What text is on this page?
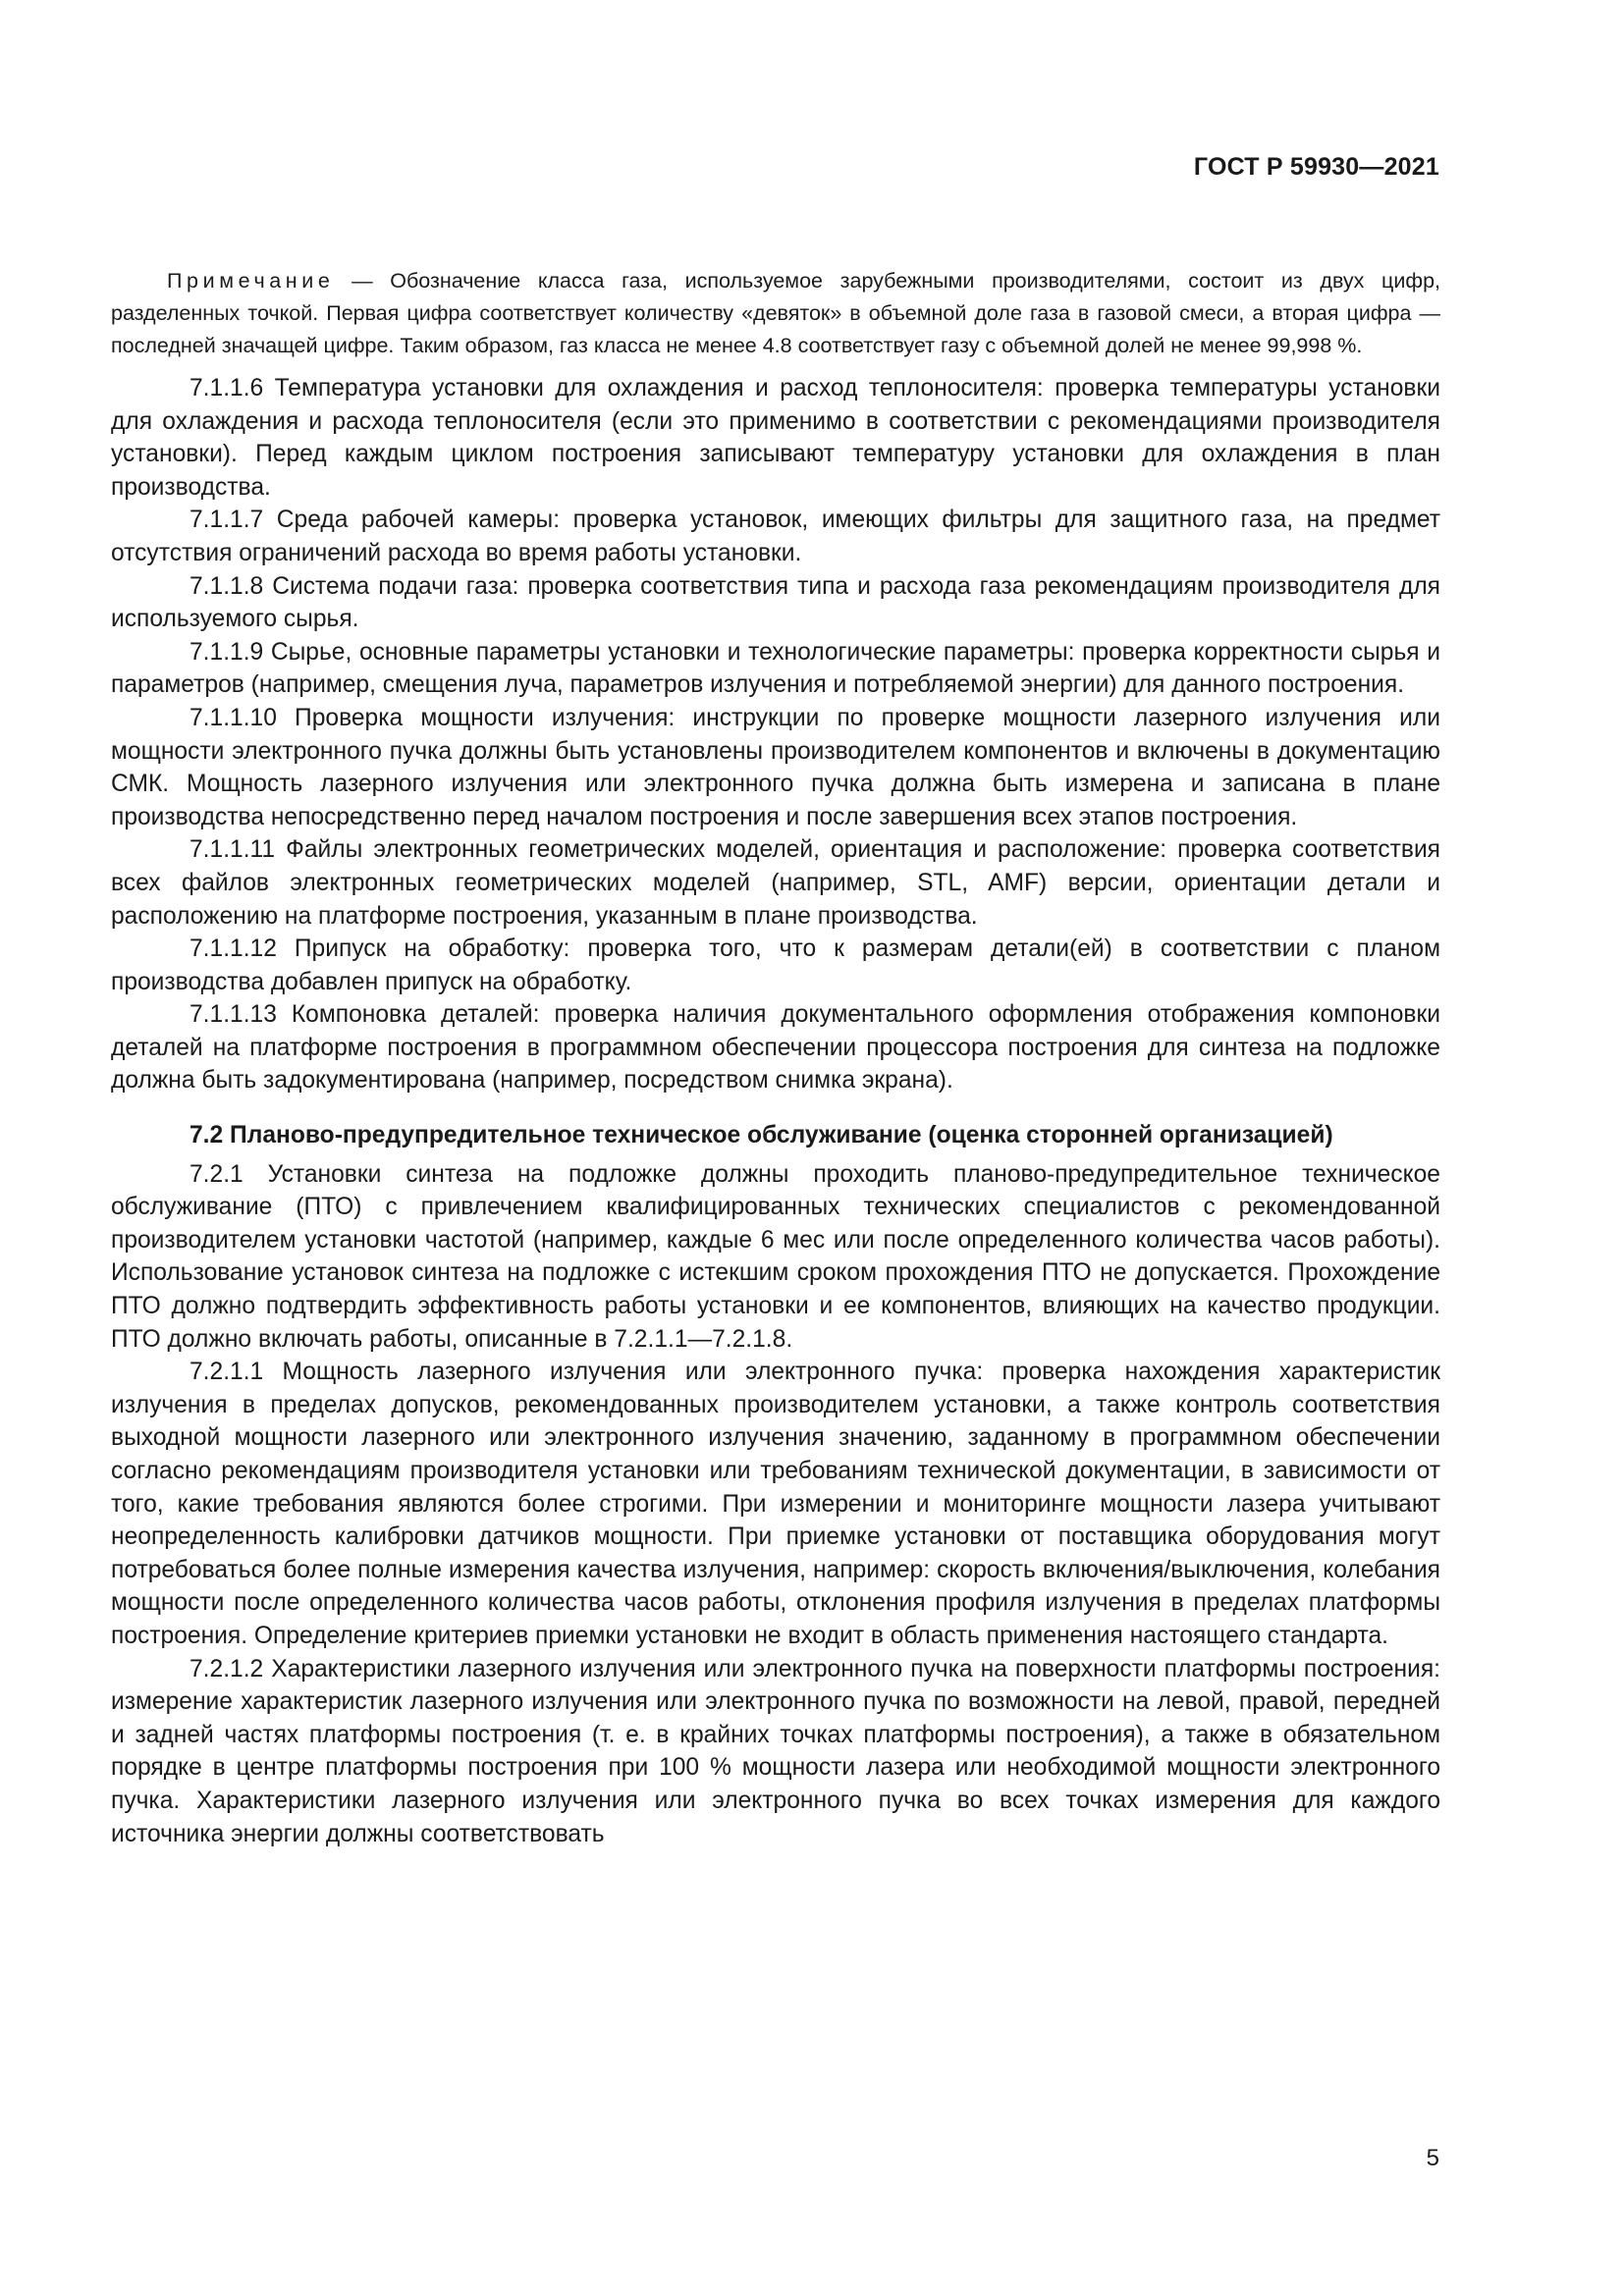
ГОСТ Р 59930—2021
Примечание — Обозначение класса газа, используемое зарубежными производителями, состоит из двух цифр, разделенных точкой. Первая цифра соответствует количеству «девяток» в объемной доле газа в газовой смеси, а вторая цифра — последней значащей цифре. Таким образом, газ класса не менее 4.8 соответствует газу с объемной долей не менее 99,998 %.

7.1.1.6 Температура установки для охлаждения и расход теплоносителя: проверка температуры установки для охлаждения и расхода теплоносителя (если это применимо в соответствии с рекомендациями производителя установки). Перед каждым циклом построения записывают температуру установки для охлаждения в план производства.

7.1.1.7 Среда рабочей камеры: проверка установок, имеющих фильтры для защитного газа, на предмет отсутствия ограничений расхода во время работы установки.

7.1.1.8 Система подачи газа: проверка соответствия типа и расхода газа рекомендациям производителя для используемого сырья.

7.1.1.9 Сырье, основные параметры установки и технологические параметры: проверка корректности сырья и параметров (например, смещения луча, параметров излучения и потребляемой энергии) для данного построения.

7.1.1.10 Проверка мощности излучения: инструкции по проверке мощности лазерного излучения или мощности электронного пучка должны быть установлены производителем компонентов и включены в документацию СМК. Мощность лазерного излучения или электронного пучка должна быть измерена и записана в плане производства непосредственно перед началом построения и после завершения всех этапов построения.

7.1.1.11 Файлы электронных геометрических моделей, ориентация и расположение: проверка соответствия всех файлов электронных геометрических моделей (например, STL, AMF) версии, ориентации детали и расположению на платформе построения, указанным в плане производства.

7.1.1.12 Припуск на обработку: проверка того, что к размерам детали(ей) в соответствии с планом производства добавлен припуск на обработку.

7.1.1.13 Компоновка деталей: проверка наличия документального оформления отображения компоновки деталей на платформе построения в программном обеспечении процессора построения для синтеза на подложке должна быть задокументирована (например, посредством снимка экрана).

7.2 Планово-предупредительное техническое обслуживание (оценка сторонней организацией)

7.2.1 Установки синтеза на подложке должны проходить планово-предупредительное техническое обслуживание (ПТО) с привлечением квалифицированных технических специалистов с рекомендованной производителем установки частотой (например, каждые 6 мес или после определенного количества часов работы). Использование установок синтеза на подложке с истекшим сроком прохождения ПТО не допускается. Прохождение ПТО должно подтвердить эффективность работы установки и ее компонентов, влияющих на качество продукции. ПТО должно включать работы, описанные в 7.2.1.1—7.2.1.8.

7.2.1.1 Мощность лазерного излучения или электронного пучка: проверка нахождения характеристик излучения в пределах допусков, рекомендованных производителем установки, а также контроль соответствия выходной мощности лазерного или электронного излучения значению, заданному в программном обеспечении согласно рекомендациям производителя установки или требованиям технической документации, в зависимости от того, какие требования являются более строгими. При измерении и мониторинге мощности лазера учитывают неопределенность калибровки датчиков мощности. При приемке установки от поставщика оборудования могут потребоваться более полные измерения качества излучения, например: скорость включения/выключения, колебания мощности после определенного количества часов работы, отклонения профиля излучения в пределах платформы построения. Определение критериев приемки установки не входит в область применения настоящего стандарта.

7.2.1.2 Характеристики лазерного излучения или электронного пучка на поверхности платформы построения: измерение характеристик лазерного излучения или электронного пучка по возможности на левой, правой, передней и задней частях платформы построения (т. е. в крайних точках платформы построения), а также в обязательном порядке в центре платформы построения при 100 % мощности лазера или необходимой мощности электронного пучка. Характеристики лазерного излучения или электронного пучка во всех точках измерения для каждого источника энергии должны соответствовать

5
